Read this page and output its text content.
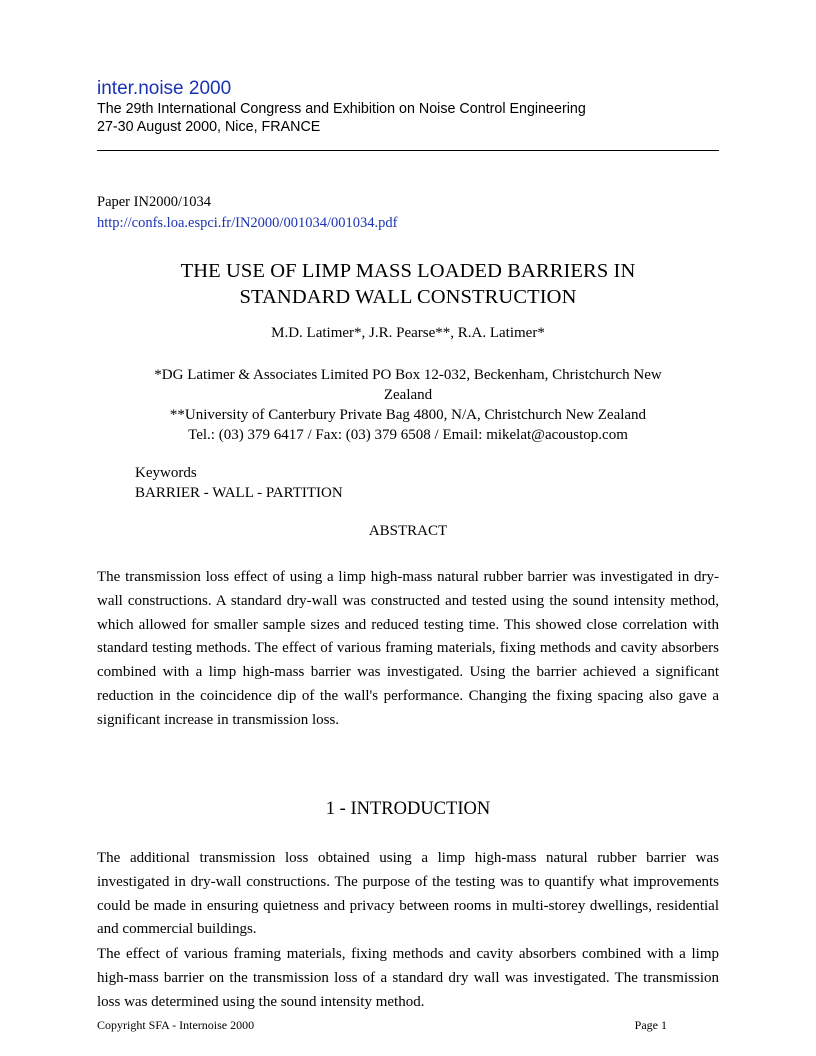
inter.noise 2000
The 29th International Congress and Exhibition on Noise Control Engineering
27-30 August 2000, Nice, FRANCE
Paper IN2000/1034
http://confs.loa.espci.fr/IN2000/001034/001034.pdf
THE USE OF LIMP MASS LOADED BARRIERS IN
STANDARD WALL CONSTRUCTION
M.D. Latimer*, J.R. Pearse**, R.A. Latimer*
*DG Latimer & Associates Limited PO Box 12-032, Beckenham, Christchurch New
Zealand
**University of Canterbury Private Bag 4800, N/A, Christchurch New Zealand
Tel.: (03) 379 6417 / Fax: (03) 379 6508 / Email: mikelat@acoustop.com
Keywords
BARRIER - WALL - PARTITION
ABSTRACT

The transmission loss effect of using a limp high-mass natural rubber barrier was investigated in dry-wall constructions. A standard dry-wall was constructed and tested using the sound intensity method, which allowed for smaller sample sizes and reduced testing time. This showed close correlation with standard testing methods. The effect of various framing materials, fixing methods and cavity absorbers combined with a limp high-mass barrier was investigated. Using the barrier achieved a significant reduction in the coincidence dip of the wall's performance. Changing the fixing spacing also gave a significant increase in transmission loss.

1 - INTRODUCTION

The additional transmission loss obtained using a limp high-mass natural rubber barrier was investigated in dry-wall constructions. The purpose of the testing was to quantify what improvements could be made in ensuring quietness and privacy between rooms in multi-storey dwellings, residential and commercial buildings.

The effect of various framing materials, fixing methods and cavity absorbers combined with a limp high-mass barrier on the transmission loss of a standard dry wall was investigated. The transmission loss was determined using the sound intensity method.

Copyright SFA - Internoise 2000	Page 1
